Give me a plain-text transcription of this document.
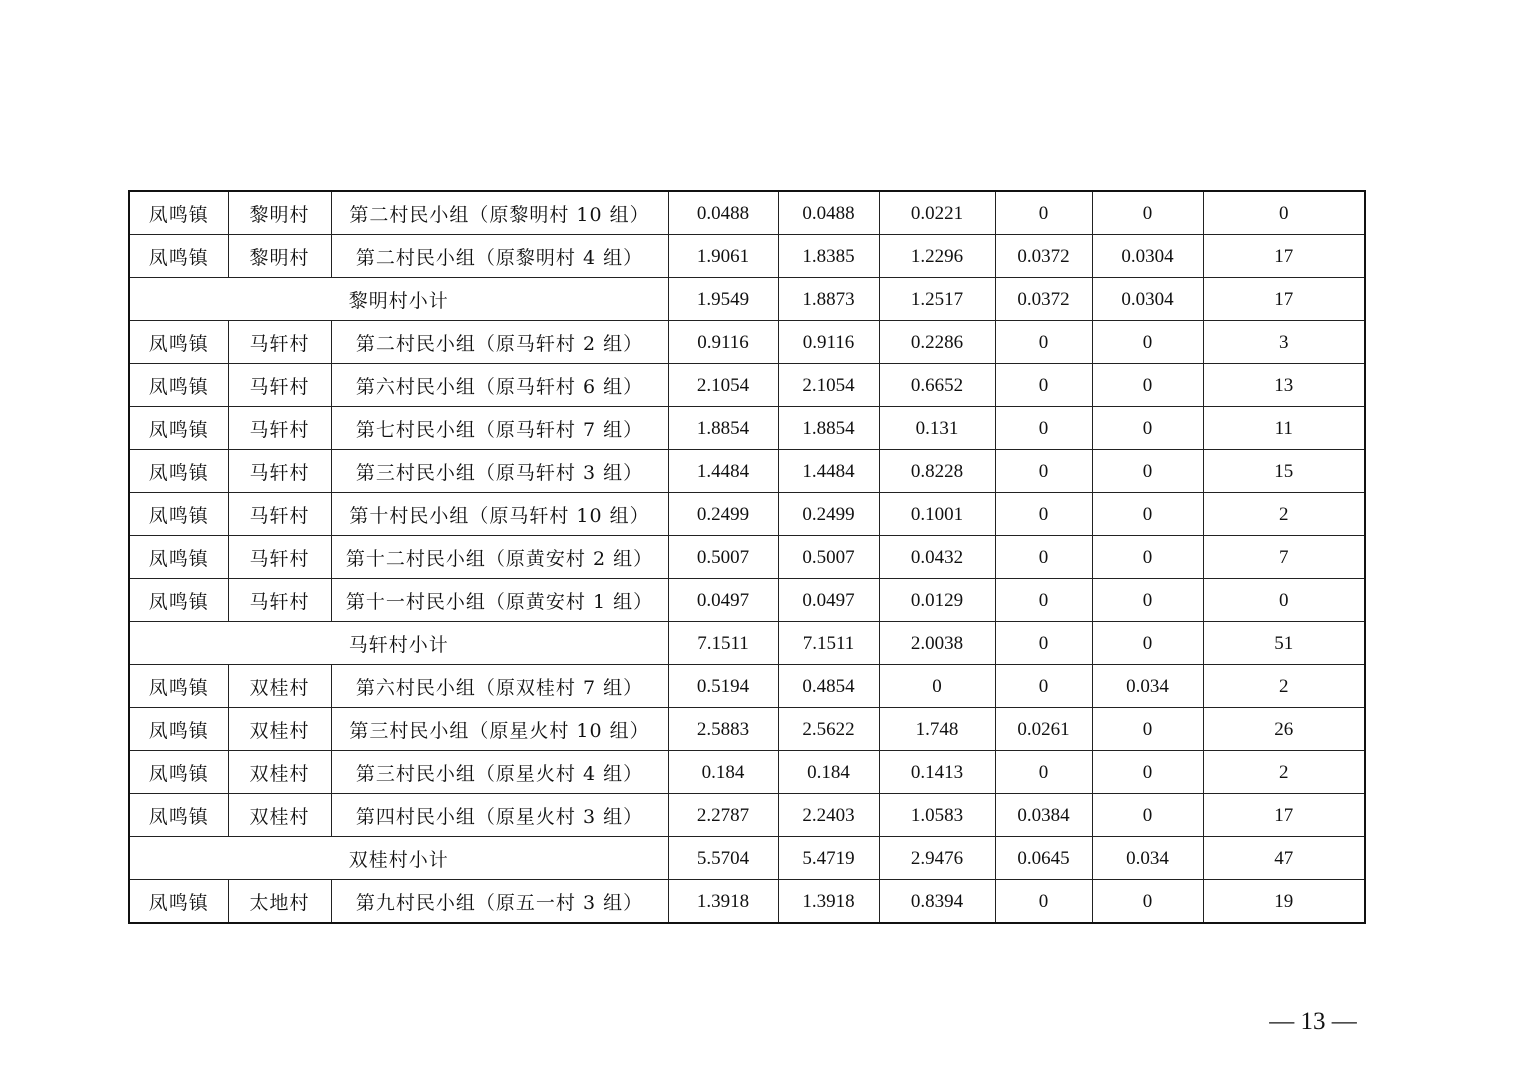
凤鸣镇	黎明村	第二村民小组（原黎明村 10 组）	0.0488	0.0488	0.0221	0	0	0
凤鸣镇	黎明村	第二村民小组（原黎明村 4 组）	1.9061	1.8385	1.2296	0.0372	0.0304	17
黎明村小计			1.9549	1.8873	1.2517	0.0372	0.0304	17
凤鸣镇	马轩村	第二村民小组（原马轩村 2 组）	0.9116	0.9116	0.2286	0	0	3
凤鸣镇	马轩村	第六村民小组（原马轩村 6 组）	2.1054	2.1054	0.6652	0	0	13
凤鸣镇	马轩村	第七村民小组（原马轩村 7 组）	1.8854	1.8854	0.131	0	0	11
凤鸣镇	马轩村	第三村民小组（原马轩村 3 组）	1.4484	1.4484	0.8228	0	0	15
凤鸣镇	马轩村	第十村民小组（原马轩村 10 组）	0.2499	0.2499	0.1001	0	0	2
凤鸣镇	马轩村	第十二村民小组（原黄安村 2 组）	0.5007	0.5007	0.0432	0	0	7
凤鸣镇	马轩村	第十一村民小组（原黄安村 1 组）	0.0497	0.0497	0.0129	0	0	0
马轩村小计			7.1511	7.1511	2.0038	0	0	51
凤鸣镇	双桂村	第六村民小组（原双桂村 7 组）	0.5194	0.4854	0	0	0.034	2
凤鸣镇	双桂村	第三村民小组（原星火村 10 组）	2.5883	2.5622	1.748	0.0261	0	26
凤鸣镇	双桂村	第三村民小组（原星火村 4 组）	0.184	0.184	0.1413	0	0	2
凤鸣镇	双桂村	第四村民小组（原星火村 3 组）	2.2787	2.2403	1.0583	0.0384	0	17
双桂村小计			5.5704	5.4719	2.9476	0.0645	0.034	47
凤鸣镇	太地村	第九村民小组（原五一村 3 组）	1.3918	1.3918	0.8394	0	0	19
— 13 —
